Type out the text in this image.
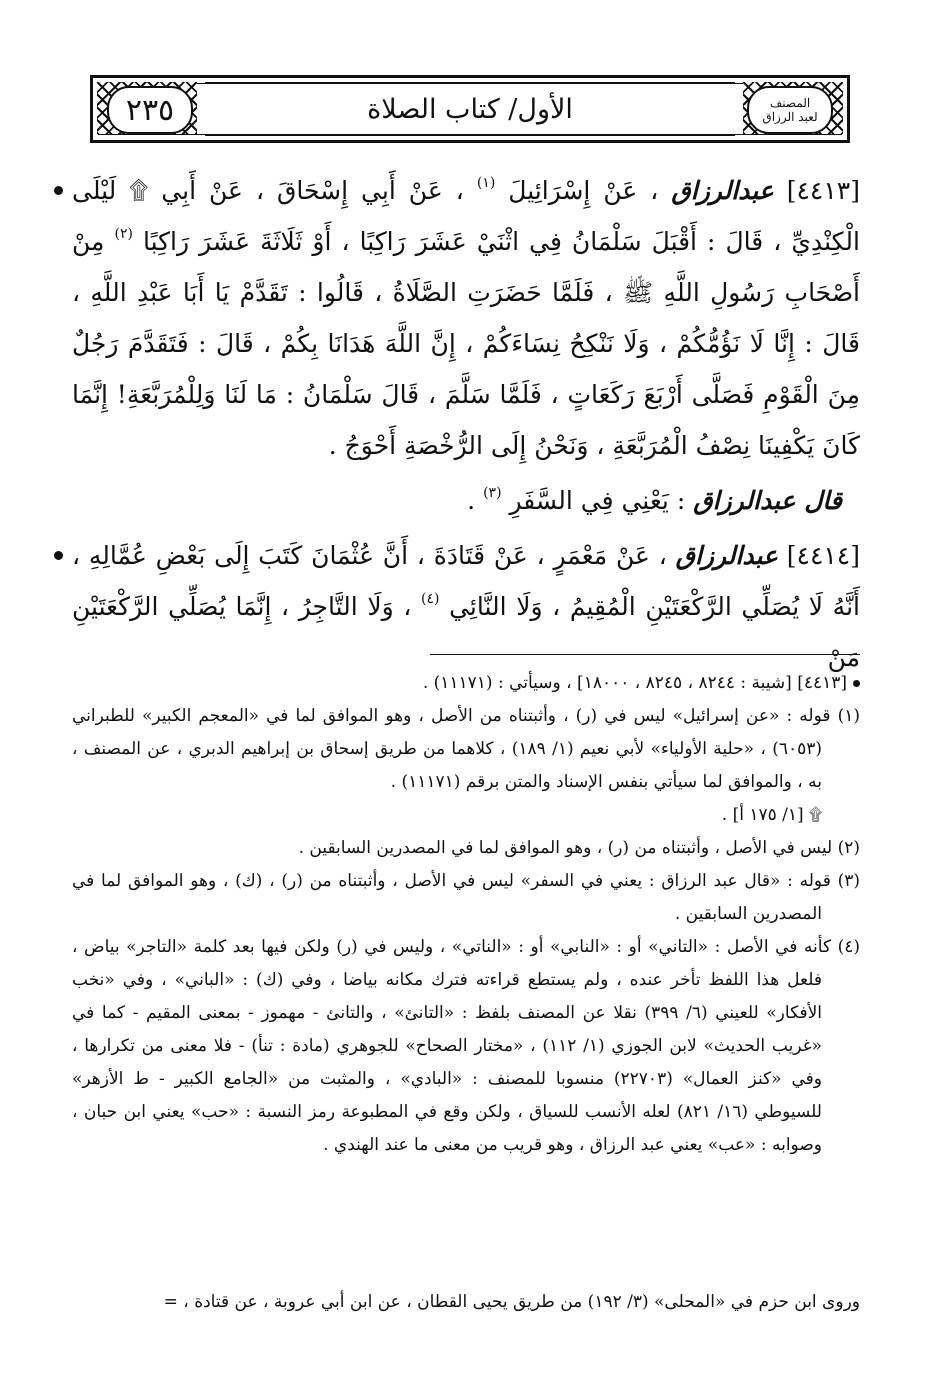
٢٣٥	المصنف
لعبد الرزاق
الأول/ كتاب الصلاة

[٤٤١٣] عبدالرزاق ، عَنْ إِسْرَائِيلَ $^{(١)}$ ، عَنْ أَبِي إِسْحَاقَ ، عَنْ أَبِي ۩ لَيْلَى الْكِنْدِيِّ ، قَالَ : أَقْبَلَ سَلْمَانُ فِي اثْنَيْ عَشَرَ رَاكِبًا ، أَوْ ثَلَاثَةَ عَشَرَ رَاكِبًا $^{(٢)}$ مِنْ أَصْحَابِ رَسُولِ اللَّهِ ﷺ ، فَلَمَّا حَضَرَتِ الصَّلَاةُ ، قَالُوا : تَقَدَّمْ يَا أَبَا عَبْدِ اللَّهِ ، قَالَ : إِنَّا لَا نَؤُمُّكُمْ ، وَلَا نَنْكِحُ نِسَاءَكُمْ ، إِنَّ اللَّهَ هَدَانَا بِكُمْ ، قَالَ : فَتَقَدَّمَ رَجُلٌ مِنَ الْقَوْمِ فَصَلَّى أَرْبَعَ رَكَعَاتٍ ، فَلَمَّا سَلَّمَ ، قَالَ سَلْمَانُ : مَا لَنَا وَلِلْمُرَبَّعَةِ! إِنَّمَا كَانَ يَكْفِينَا نِصْفُ الْمُرَبَّعَةِ ، وَنَحْنُ إِلَى الرُّخْصَةِ أَحْوَجُ .

قال عبدالرزاق : يَعْنِي فِي السَّفَرِ $^{(٣)}$ .

[٤٤١٤] عبدالرزاق ، عَنْ مَعْمَرٍ ، عَنْ قَتَادَةَ ، أَنَّ عُثْمَانَ كَتَبَ إِلَى بَعْضِ عُمَّالِهِ ، أَنَّهُ لَا يُصَلِّي الرَّكْعَتَيْنِ الْمُقِيمُ ، وَلَا النَّائِي $^{(٤)}$ ، وَلَا التَّاجِرُ ، إِنَّمَا يُصَلِّي الرَّكْعَتَيْنِ مَنْ

[٤٤١٣] [شيبة : ٨٢٤٤ ، ٨٢٤٥ ، ١٨٠٠٠] ، وسيأتي : (١١١٧١) .

(١) قوله : «عن إسرائيل» ليس في (ر) ، وأثبتناه من الأصل ، وهو الموافق لما في «المعجم الكبير» للطبراني (٦٠٥٣) ، «حلية الأولياء» لأبي نعيم (١/ ١٨٩) ، كلاهما من طريق إسحاق بن إبراهيم الدبري ، عن المصنف ، به ، والموافق لما سيأتي بنفس الإسناد والمتن برقم (١١١٧١) .

۩ [١/ ١٧٥ أ] .

(٢) ليس في الأصل ، وأثبتناه من (ر) ، وهو الموافق لما في المصدرين السابقين .

(٣) قوله : «قال عبد الرزاق : يعني في السفر» ليس في الأصل ، وأثبتناه من (ر) ، (ك) ، وهو الموافق لما في المصدرين السابقين .

(٤) كأنه في الأصل : «التاني» أو : «النابي» أو : «الناتي» ، وليس في (ر) ولكن فيها بعد كلمة «التاجر» بياض ، فلعل هذا اللفظ تأخر عنده ، ولم يستطع قراءته فترك مكانه بياضا ، وفي (ك) : «الباني» ، وفي «نخب الأفكار» للعيني (٦/ ٣٩٩) نقلا عن المصنف بلفظ : «التانئ» ، والتانئ - مهموز - بمعنى المقيم - كما في «غريب الحديث» لابن الجوزي (١/ ١١٢) ، «مختار الصحاح» للجوهري (مادة : تنأ) - فلا معنى من تكرارها ، وفي «كنز العمال» (٢٢٧٠٣) منسوبا للمصنف : «البادي» ، والمثبت من «الجامع الكبير - ط الأزهر» للسيوطي (١٦/ ٨٢١) لعله الأنسب للسياق ، ولكن وقع في المطبوعة رمز النسبة : «حب» يعني ابن حبان ، وصوابه : «عب» يعني عبد الرزاق ، وهو قريب من معنى ما عند الهندي .

وروى ابن حزم في «المحلى» (٣/ ١٩٢) من طريق يحيى القطان ، عن ابن أبي عروبة ، عن قتادة ، =
